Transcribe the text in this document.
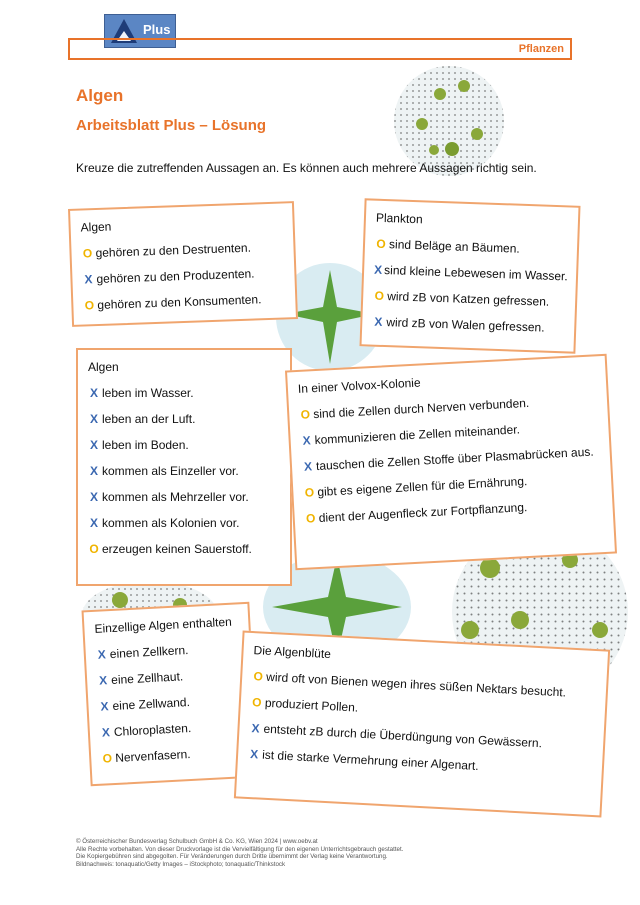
Plus
Pflanzen
Algen
Arbeitsblatt Plus – Lösung
Kreuze die zutreffenden Aussagen an. Es können auch mehrere Aussagen richtig sein.
Algen
O gehören zu den Destruenten.
X gehören zu den Produzenten.
O gehören zu den Konsumenten.
Plankton
O sind Beläge an Bäumen.
X sind kleine Lebewesen im Wasser.
O wird zB von Katzen gefressen.
X wird zB von Walen gefressen.
Algen
X leben im Wasser.
X leben an der Luft.
X leben im Boden.
X kommen als Einzeller vor.
X kommen als Mehrzeller vor.
X kommen als Kolonien vor.
O erzeugen keinen Sauerstoff.
In einer Volvox-Kolonie
O sind die Zellen durch Nerven verbunden.
X kommunizieren die Zellen miteinander.
X tauschen die Zellen Stoffe über Plasmabrücken aus.
O gibt es eigene Zellen für die Ernährung.
O dient der Augenfleck zur Fortpflanzung.
Einzellige Algen enthalten
X einen Zellkern.
X eine Zellhaut.
X eine Zellwand.
X Chloroplasten.
O Nervenfasern.
Die Algenblüte
O wird oft von Bienen wegen ihres süßen Nektars besucht.
O produziert Pollen.
X entsteht zB durch die Überdüngung von Gewässern.
X ist die starke Vermehrung einer Algenart.
© Österreichischer Bundesverlag Schulbuch GmbH & Co. KG, Wien 2024 | www.oebv.at
Alle Rechte vorbehalten. Von dieser Druckvorlage ist die Vervielfältigung für den eigenen Unterrichtsgebrauch gestattet.
Die Kopiergebühren sind abgegolten. Für Veränderungen durch Dritte übernimmt der Verlag keine Verantwortung.
Bildnachweis: tonaquatic/Getty Images – iStockphoto; tonaquatic/Thinkstock
